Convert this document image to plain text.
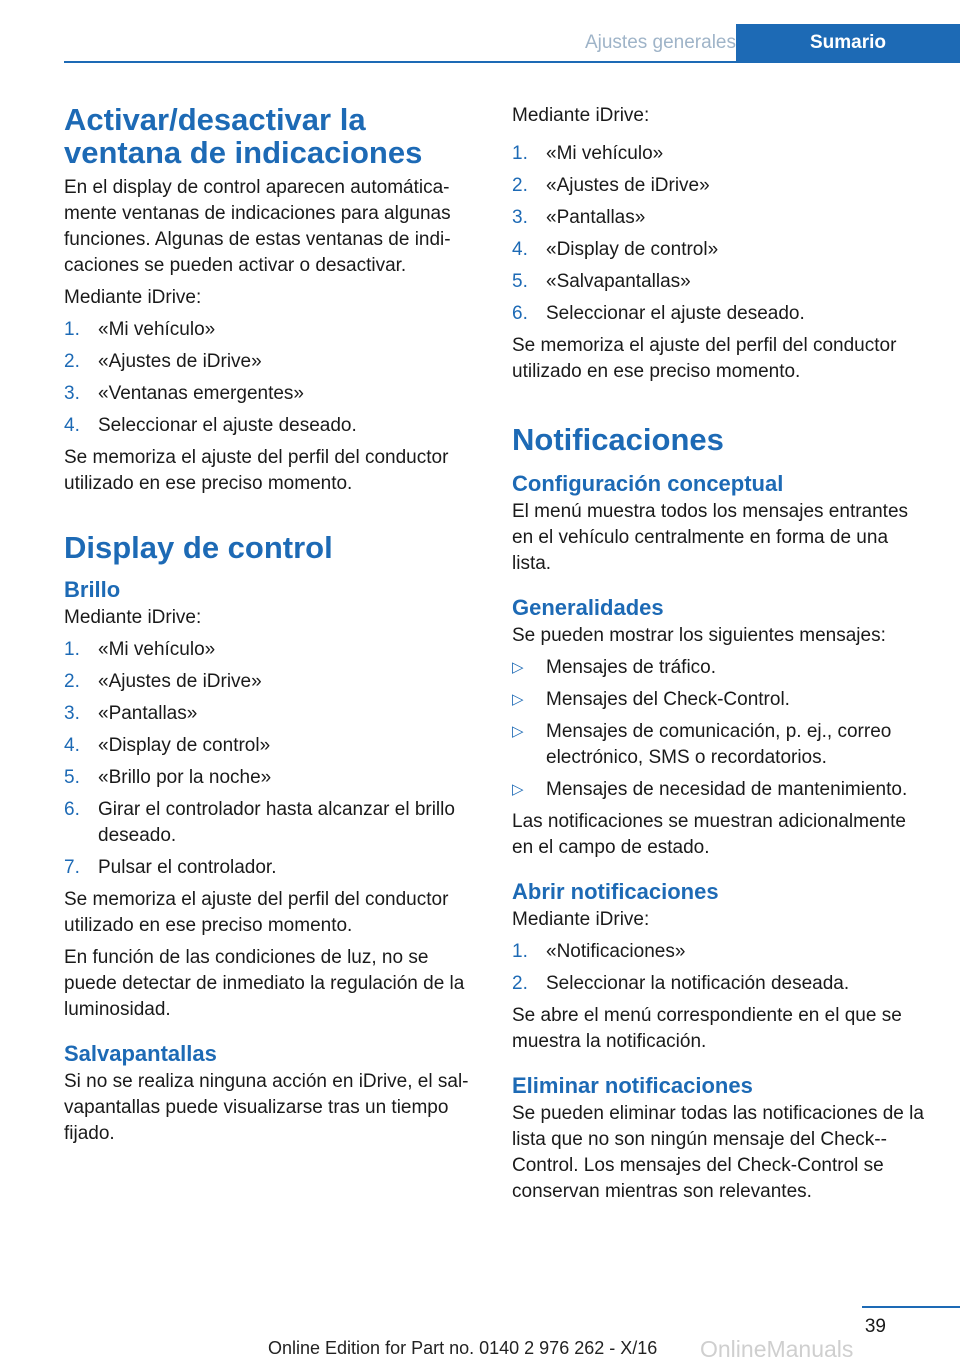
Ajustes generales	Sumario
Activar/desactivar la ventana de indicaciones

En el display de control aparecen automática-mente ventanas de indicaciones para algunas funciones. Algunas de estas ventanas de indi-caciones se pueden activar o desactivar.

Mediante iDrive:

1. «Mi vehículo»
2. «Ajustes de iDrive»
3. «Ventanas emergentes»
4. Seleccionar el ajuste deseado.

Se memoriza el ajuste del perfil del conductor utilizado en ese preciso momento.

Display de control
Brillo

Mediante iDrive:

1. «Mi vehículo»
2. «Ajustes de iDrive»
3. «Pantallas»
4. «Display de control»
5. «Brillo por la noche»
6. Girar el controlador hasta alcanzar el brillo deseado.
7. Pulsar el controlador.

Se memoriza el ajuste del perfil del conductor utilizado en ese preciso momento.

En función de las condiciones de luz, no se puede detectar de inmediato la regulación de la luminosidad.

Salvapantallas

Si no se realiza ninguna acción en iDrive, el sal-vapantallas puede visualizarse tras un tiempo fijado.

Mediante iDrive:

1. «Mi vehículo»
2. «Ajustes de iDrive»
3. «Pantallas»
4. «Display de control»
5. «Salvapantallas»
6. Seleccionar el ajuste deseado.

Se memoriza el ajuste del perfil del conductor utilizado en ese preciso momento.

Notificaciones
Configuración conceptual

El menú muestra todos los mensajes entrantes en el vehículo centralmente en forma de una lista.

Generalidades

Se pueden mostrar los siguientes mensajes:

▷ Mensajes de tráfico.
▷ Mensajes del Check-Control.
▷ Mensajes de comunicación, p. ej., correo electrónico, SMS o recordatorios.
▷ Mensajes de necesidad de mantenimiento.

Las notificaciones se muestran adicionalmente en el campo de estado.

Abrir notificaciones

Mediante iDrive:

1. «Notificaciones»
2. Seleccionar la notificación deseada.

Se abre el menú correspondiente en el que se muestra la notificación.

Eliminar notificaciones

Se pueden eliminar todas las notificaciones de la lista que no son ningún mensaje del Check--Control. Los mensajes del Check-Control se conservan mientras son relevantes.

39
Online Edition for Part no. 0140 2 976 262 - X/16 OnlineManuals
